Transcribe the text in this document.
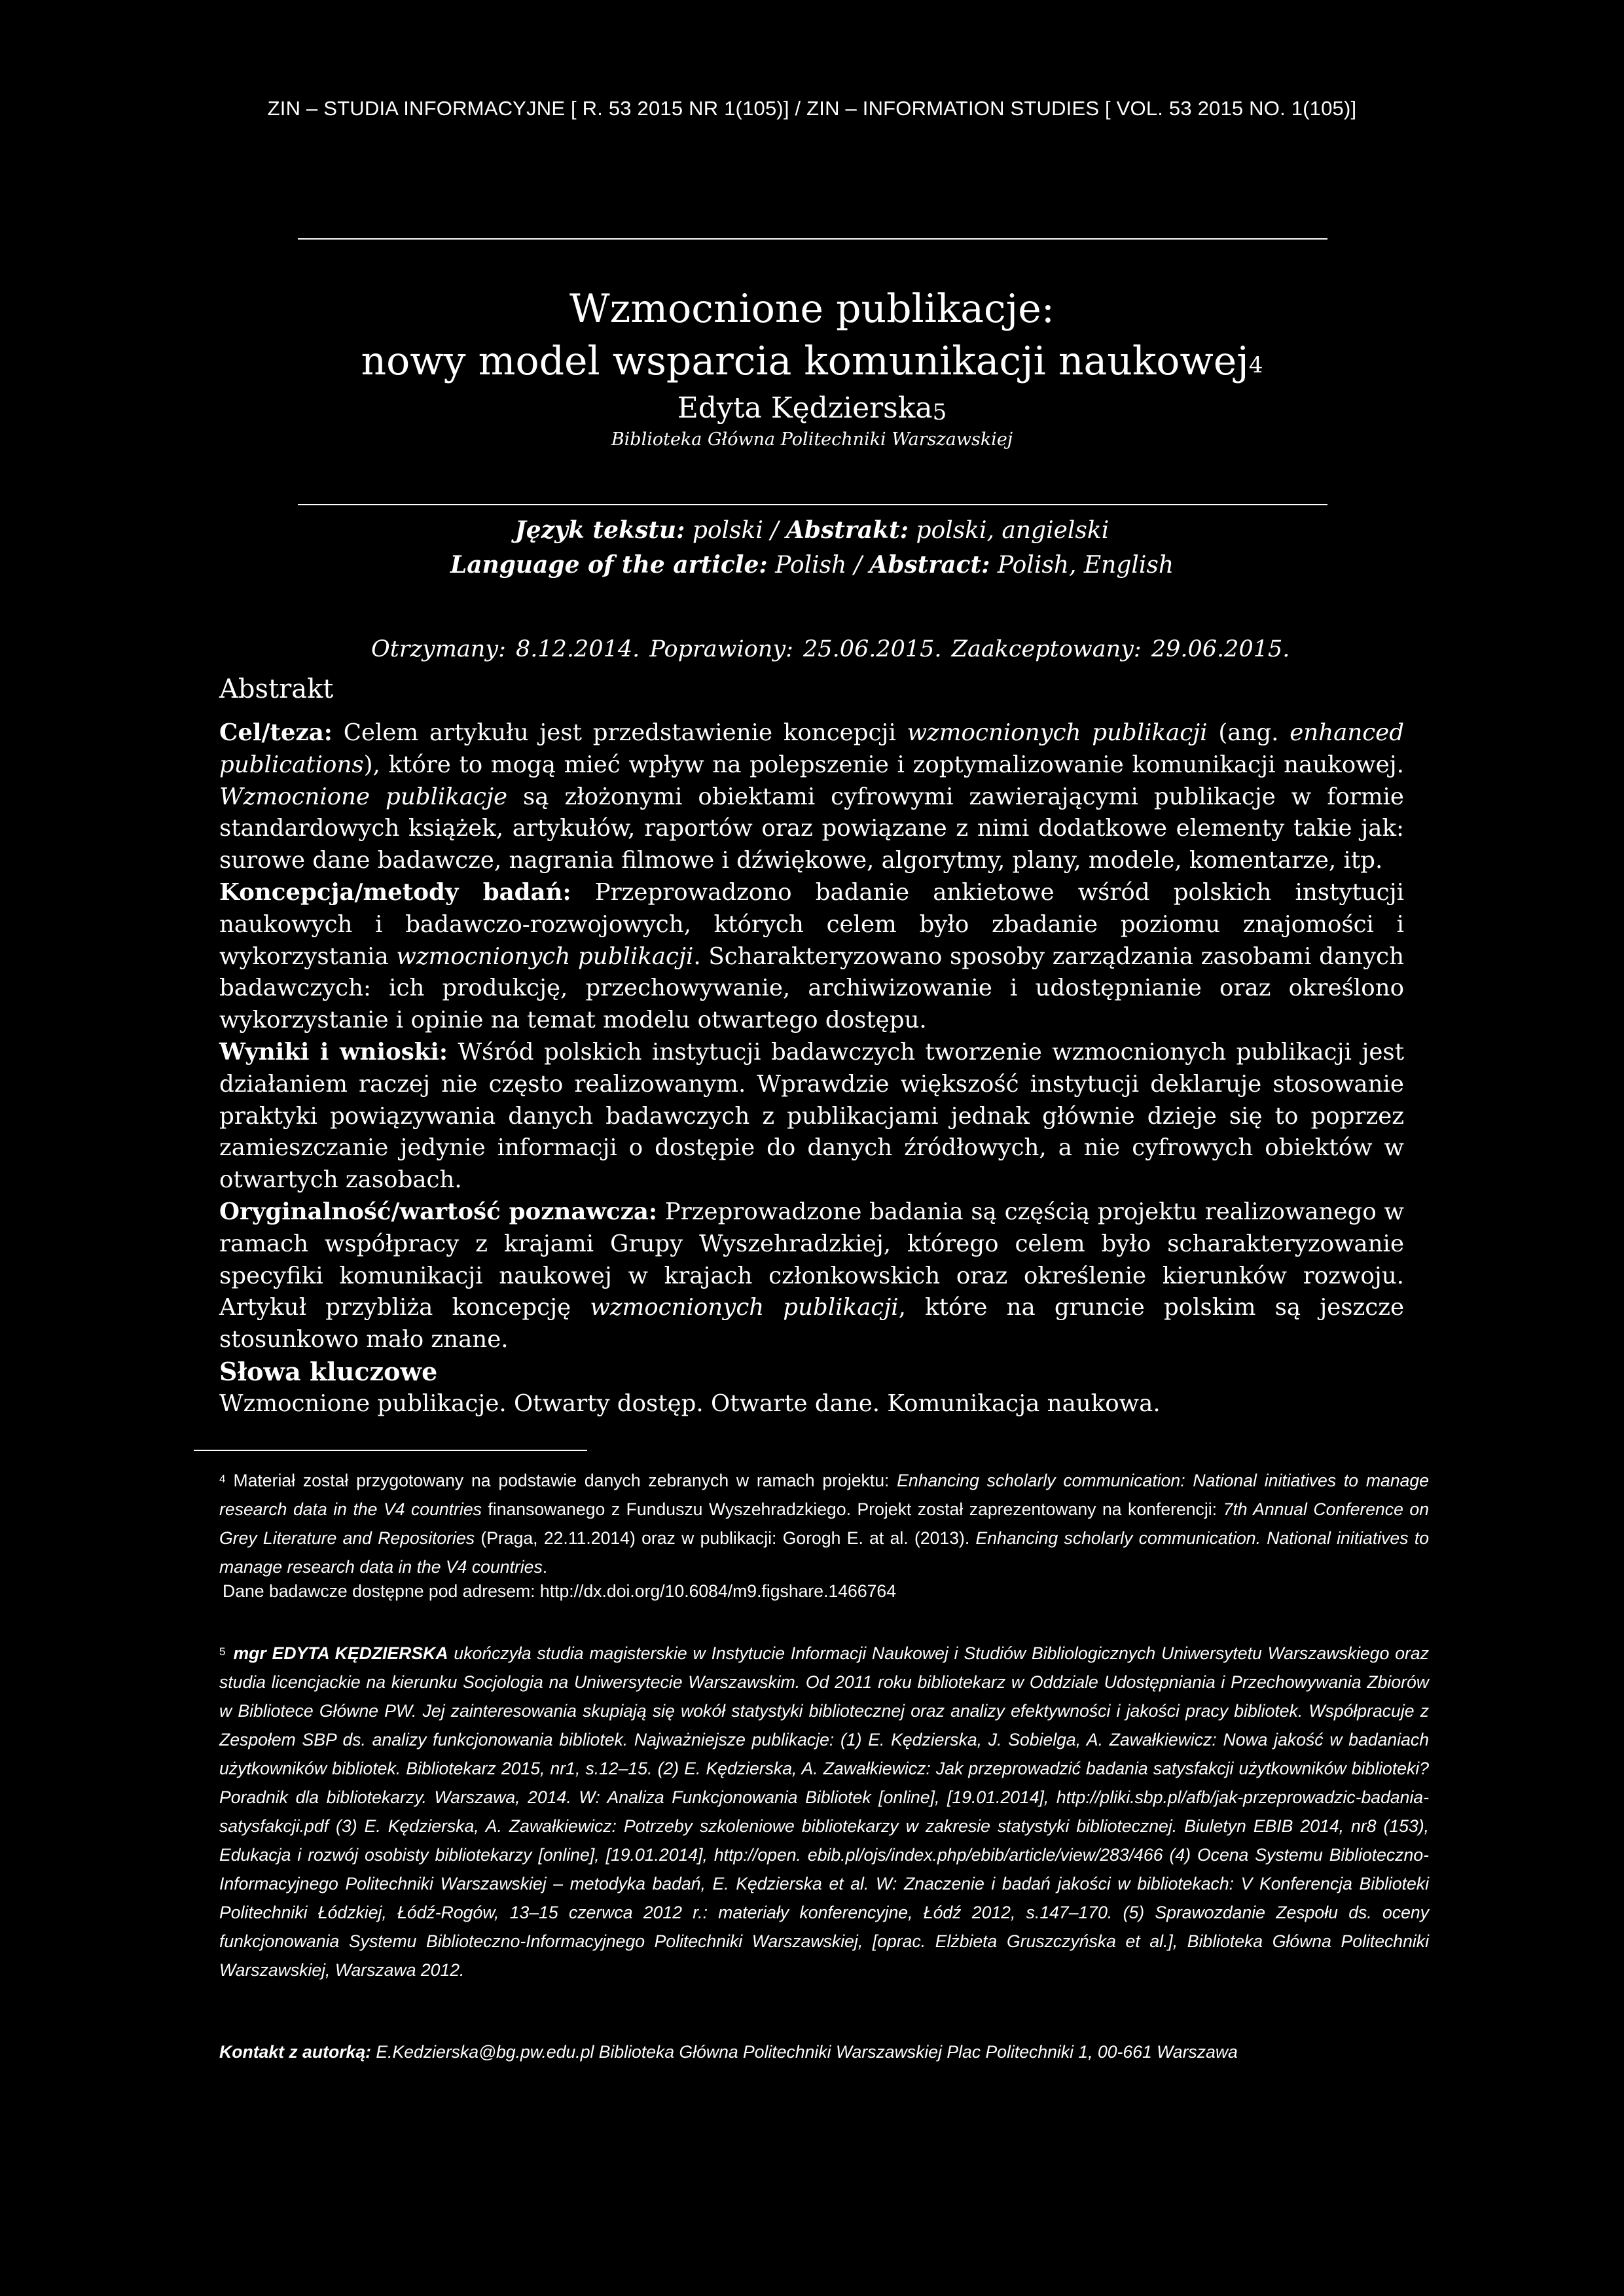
ZIN – STUDIA INFORMACYJNE [ R. 53 2015 NR 1(105)] / ZIN – INFORMATION STUDIES [ VOL. 53 2015 NO. 1(105)]
Wzmocnione publikacje:
nowy model wsparcia komunikacji naukowej$^4$
Edyta Kędzierska$^5$
Biblioteka Główna Politechniki Warszawskiej
Język tekstu: polski / Abstrakt: polski, angielski
Language of the article: Polish / Abstract: Polish, English
Otrzymany: 8.12.2014. Poprawiony: 25.06.2015. Zaakceptowany: 29.06.2015.
Abstrakt

Cel/teza: Celem artykułu jest przedstawienie koncepcji wzmocnionych publikacji (ang. enhanced publications), które to mogą mieć wpływ na polepszenie i zoptymalizowanie komunikacji naukowej. Wzmocnione publikacje są złożonymi obiektami cyfrowymi zawierającymi publikacje w formie standardowych książek, artykułów, raportów oraz powiązane z nimi dodatkowe elementy takie jak: surowe dane badawcze, nagrania filmowe i dźwiękowe, algorytmy, plany, modele, komentarze, itp.

Koncepcja/metody badań: Przeprowadzono badanie ankietowe wśród polskich instytucji naukowych i badawczo-rozwojowych, których celem było zbadanie poziomu znajomości i wykorzystania wzmocnionych publikacji. Scharakteryzowano sposoby zarządzania zasobami danych badawczych: ich produkcję, przechowywanie, archiwizowanie i udostępnianie oraz określono wykorzystanie i opinie na temat modelu otwartego dostępu.

Wyniki i wnioski: Wśród polskich instytucji badawczych tworzenie wzmocnionych publikacji jest działaniem raczej nie często realizowanym. Wprawdzie większość instytucji deklaruje stosowanie praktyki powiązywania danych badawczych z publikacjami jednak głównie dzieje się to poprzez zamieszczanie jedynie informacji o dostępie do danych źródłowych, a nie cyfrowych obiektów w otwartych zasobach.

Oryginalność/wartość poznawcza: Przeprowadzone badania są częścią projektu realizowanego w ramach współpracy z krajami Grupy Wyszehradzkiej, którego celem było scharakteryzowanie specyfiki komunikacji naukowej w krajach członkowskich oraz określenie kierunków rozwoju. Artykuł przybliża koncepcję wzmocnionych publikacji, które na gruncie polskim są jeszcze stosunkowo mało znane.

Słowa kluczowe

Wzmocnione publikacje. Otwarty dostęp. Otwarte dane. Komunikacja naukowa.

$^4$ Materiał został przygotowany na podstawie danych zebranych w ramach projektu: Enhancing scholarly communication: National initiatives to manage research data in the V4 countries finansowanego z Funduszu Wyszehradzkiego. Projekt został zaprezentowany na konferencji: 7th Annual Conference on Grey Literature and Repositories (Praga, 22.11.2014) oraz w publikacji: Gorogh E. at al. (2013). Enhancing scholarly communication. National initiatives to manage research data in the V4 countries.
Dane badawcze dostępne pod adresem: http://dx.doi.org/10.6084/m9.figshare.1466764
$^5$ mgr EDYTA KĘDZIERSKA ukończyła studia magisterskie w Instytucie Informacji Naukowej i Studiów Bibliologicznych Uniwersytetu Warszawskiego oraz studia licencjackie na kierunku Socjologia na Uniwersytecie Warszawskim. Od 2011 roku bibliotekarz w Oddziale Udostępniania i Przechowywania Zbiorów w Bibliotece Główne PW. Jej zainteresowania skupiają się wokół statystyki bibliotecznej oraz analizy efektywności i jakości pracy bibliotek. Współpracuje z Zespołem SBP ds. analizy funkcjonowania bibliotek. Najważniejsze publikacje: (1) E. Kędzierska, J. Sobielga, A. Zawałkiewicz: Nowa jakość w badaniach użytkowników bibliotek. Bibliotekarz 2015, nr1, s.12–15. (2) E. Kędzierska, A. Zawałkiewicz: Jak przeprowadzić badania satysfakcji użytkowników biblioteki? Poradnik dla bibliotekarzy. Warszawa, 2014. W: Analiza Funkcjonowania Bibliotek [online], [19.01.2014], http://pliki.sbp.pl/afb/jak-przeprowadzic-badania-satysfakcji.pdf (3) E. Kędzierska, A. Zawałkiewicz: Potrzeby szkoleniowe bibliotekarzy w zakresie statystyki bibliotecznej. Biuletyn EBIB 2014, nr8 (153), Edukacja i rozwój osobisty bibliotekarzy [online], [19.01.2014], http://open. ebib.pl/ojs/index.php/ebib/article/view/283/466 (4) Ocena Systemu Biblioteczno-Informacyjnego Politechniki Warszawskiej – metodyka badań, E. Kędzierska et al. W: Znaczenie i badań jakości w bibliotekach: V Konferencja Biblioteki Politechniki Łódzkiej, Łódź-Rogów, 13–15 czerwca 2012 r.: materiały konferencyjne, Łódź 2012, s.147–170. (5) Sprawozdanie Zespołu ds. oceny funkcjonowania Systemu Biblioteczno-Informacyjnego Politechniki Warszawskiej, [oprac. Elżbieta Gruszczyńska et al.], Biblioteka Główna Politechniki Warszawskiej, Warszawa 2012.
Kontakt z autorką: E.Kedzierska@bg.pw.edu.pl Biblioteka Główna Politechniki Warszawskiej Plac Politechniki 1, 00-661 Warszawa
